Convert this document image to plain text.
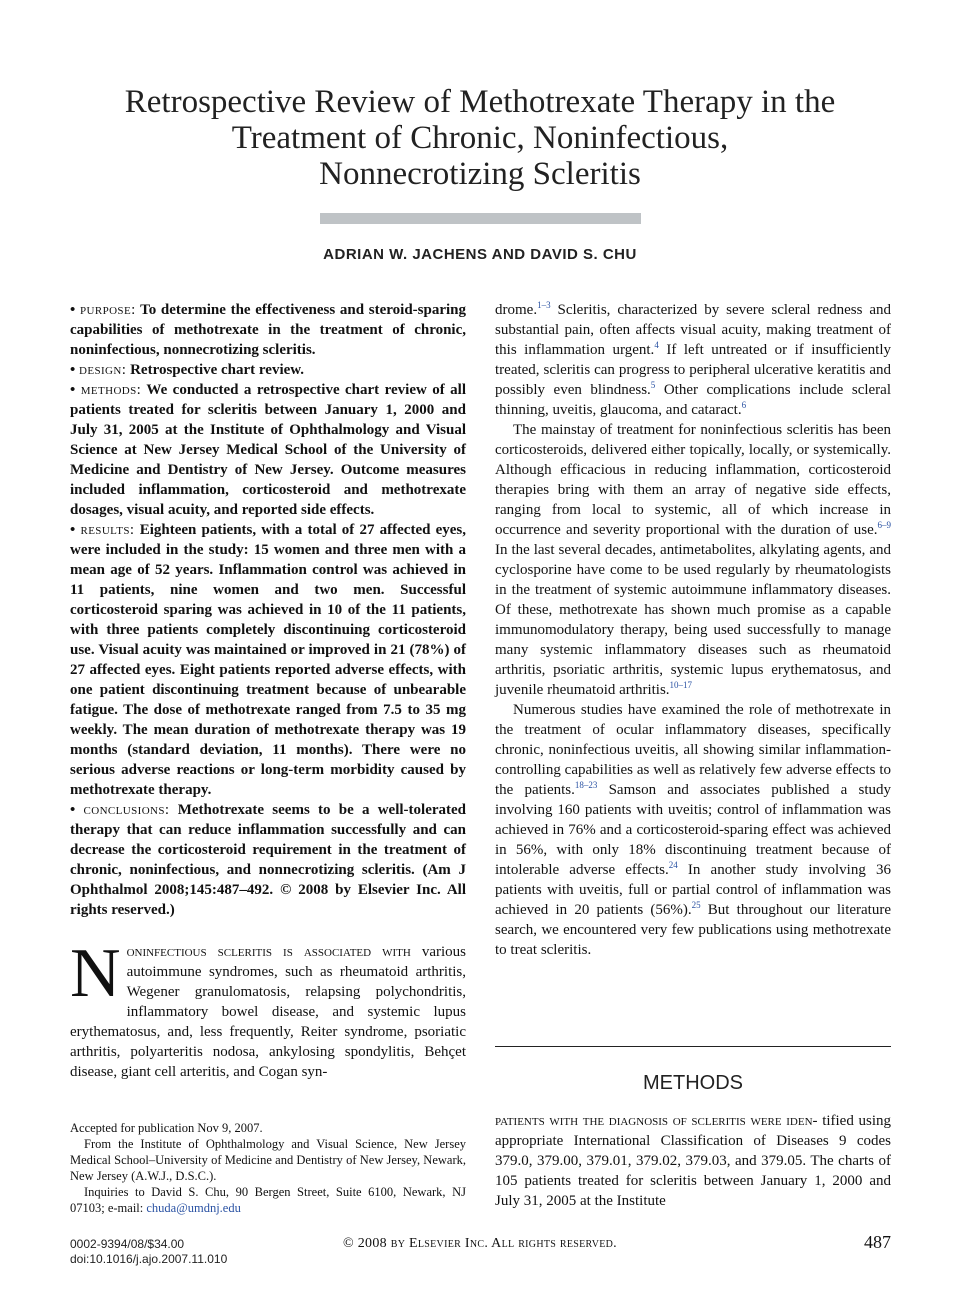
Retrospective Review of Methotrexate Therapy in the
Treatment of Chronic, Noninfectious,
Nonnecrotizing Scleritis
ADRIAN W. JACHENS AND DAVID S. CHU

• purpose: To determine the effectiveness and steroid-sparing capabilities of methotrexate in the treatment of chronic, noninfectious, nonnecrotizing scleritis.

• design: Retrospective chart review.

• methods: We conducted a retrospective chart review of all patients treated for scleritis between January 1, 2000 and July 31, 2005 at the Institute of Ophthalmology and Visual Science at New Jersey Medical School of the University of Medicine and Dentistry of New Jersey. Outcome measures included inflammation, corticosteroid and methotrexate dosages, visual acuity, and reported side effects.

• results: Eighteen patients, with a total of 27 affected eyes, were included in the study: 15 women and three men with a mean age of 52 years. Inflammation control was achieved in 11 patients, nine women and two men. Successful corticosteroid sparing was achieved in 10 of the 11 patients, with three patients completely discontinuing corticosteroid use. Visual acuity was maintained or improved in 21 (78%) of 27 affected eyes. Eight patients reported adverse effects, with one patient discontinuing treatment because of unbearable fatigue. The dose of methotrexate ranged from 7.5 to 35 mg weekly. The mean duration of methotrexate therapy was 19 months (standard deviation, 11 months). There were no serious adverse reactions or long-term morbidity caused by methotrexate therapy.

• conclusions: Methotrexate seems to be a well-tolerated therapy that can reduce inflammation successfully and can decrease the corticosteroid requirement in the treatment of chronic, noninfectious, and nonnecrotizing scleritis. (Am J Ophthalmol 2008;145:487–492. © 2008 by Elsevier Inc. All rights reserved.)

Noninfectious scleritis is associated with various autoimmune syndromes, such as rheumatoid arthritis, Wegener granulomatosis, relapsing polychondritis, inflammatory bowel disease, and systemic lupus erythematosus, and, less frequently, Reiter syndrome, psoriatic arthritis, polyarteritis nodosa, ankylosing spondylitis, Behçet disease, giant cell arteritis, and Cogan syn-

Accepted for publication Nov 9, 2007.

From the Institute of Ophthalmology and Visual Science, New Jersey Medical School–University of Medicine and Dentistry of New Jersey, Newark, New Jersey (A.W.J., D.S.C.).

Inquiries to David S. Chu, 90 Bergen Street, Suite 6100, Newark, NJ 07103; e-mail: chuda@umdnj.edu

drome.$^{1-3}$ Scleritis, characterized by severe scleral redness and substantial pain, often affects visual acuity, making treatment of this inflammation urgent.$^4$ If left untreated or if insufficiently treated, scleritis can progress to peripheral ulcerative keratitis and possibly even blindness.$^5$ Other complications include scleral thinning, uveitis, glaucoma, and cataract.$^6$

The mainstay of treatment for noninfectious scleritis has been corticosteroids, delivered either topically, locally, or systemically. Although efficacious in reducing inflammation, corticosteroid therapies bring with them an array of negative side effects, ranging from local to systemic, all of which increase in occurrence and severity proportional with the duration of use.$^{6-9}$ In the last several decades, antimetabolites, alkylating agents, and cyclosporine have come to be used regularly by rheumatologists in the treatment of systemic autoimmune inflammatory diseases. Of these, methotrexate has shown much promise as a capable immunomodulatory therapy, being used successfully to manage many systemic inflammatory diseases such as rheumatoid arthritis, psoriatic arthritis, systemic lupus erythematosus, and juvenile rheumatoid arthritis.$^{10-17}$

Numerous studies have examined the role of methotrexate in the treatment of ocular inflammatory diseases, specifically chronic, noninfectious uveitis, all showing similar inflammation-controlling capabilities as well as relatively few adverse effects to the patients.$^{18-23}$ Samson and associates published a study involving 160 patients with uveitis; control of inflammation was achieved in 76% and a corticosteroid-sparing effect was achieved in 56%, with only 18% discontinuing treatment because of intolerable adverse effects.$^{24}$ In another study involving 36 patients with uveitis, full or partial control of inflammation was achieved in 20 patients (56%).$^{25}$ But throughout our literature search, we encountered very few publications using methotrexate to treat scleritis.

METHODS
patients with the diagnosis of scleritis were iden- tified using appropriate International Classification of Diseases 9 codes 379.0, 379.00, 379.01, 379.02, 379.03, and 379.05. The charts of 105 patients treated for scleritis between January 1, 2000 and July 31, 2005 at the Institute
0002-9394/08/$34.00
doi:10.1016/j.ajo.2007.11.010
© 2008 by Elsevier Inc. All rights reserved.	487
